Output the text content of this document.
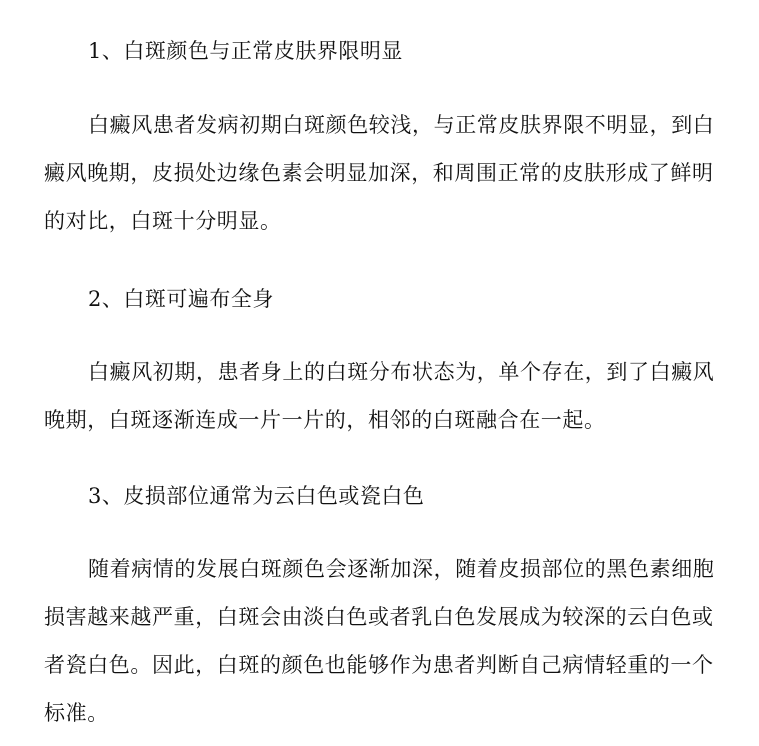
1、白斑颜色与正常皮肤界限明显
白癜风患者发病初期白斑颜色较浅，与正常皮肤界限不明显，到白癜风晚期，皮损处边缘色素会明显加深，和周围正常的皮肤形成了鲜明的对比，白斑十分明显。
2、白斑可遍布全身
白癜风初期，患者身上的白斑分布状态为，单个存在，到了白癜风晚期，白斑逐渐连成一片一片的，相邻的白斑融合在一起。
3、皮损部位通常为云白色或瓷白色
随着病情的发展白斑颜色会逐渐加深，随着皮损部位的黑色素细胞损害越来越严重，白斑会由淡白色或者乳白色发展成为较深的云白色或者瓷白色。因此，白斑的颜色也能够作为患者判断自己病情轻重的一个标准。
